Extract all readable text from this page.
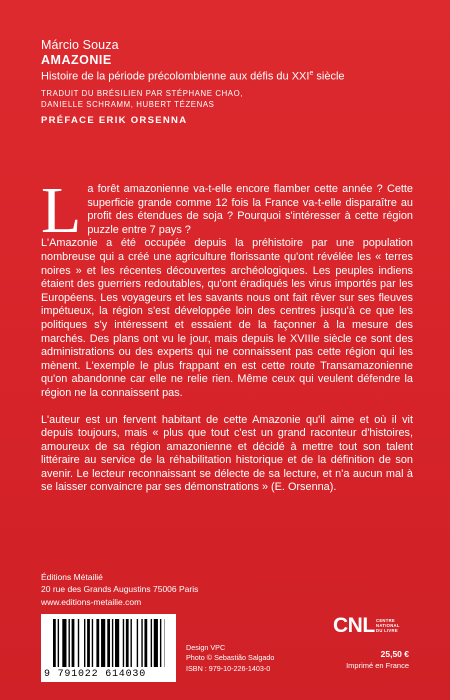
Márcio Souza
AMAZONIE
Histoire de la période précolombienne aux défis du XXIe siècle
TRADUIT DU BRÉSILIEN PAR STÉPHANE CHAO,
DANIELLE SCHRAMM, HUBERT TÉZENAS
PRÉFACE ERIK ORSENNA
L a forêt amazonienne va-t-elle encore flamber cette année ? Cette superficie grande comme 12 fois la France va-t-elle disparaître au profit des étendues de soja ? Pourquoi s'intéresser à cette région puzzle entre 7 pays ?

L'Amazonie a été occupée depuis la préhistoire par une population nombreuse qui a créé une agriculture florissante qu'ont révélée les « terres noires » et les récentes découvertes archéologiques. Les peuples indiens étaient des guerriers redoutables, qu'ont éradiqués les virus importés par les Européens. Les voyageurs et les savants nous ont fait rêver sur ses fleuves impétueux, la région s'est développée loin des centres jusqu'à ce que les politiques s'y intéressent et essaient de la façonner à la mesure des marchés. Des plans ont vu le jour, mais depuis le XVIIIe siècle ce sont des administrations ou des experts qui ne connaissent pas cette région qui les mènent. L'exemple le plus frappant en est cette route Transamazonienne qu'on abandonne car elle ne relie rien. Même ceux qui veulent défendre la région ne la connaissent pas.

L'auteur est un fervent habitant de cette Amazonie qu'il aime et où il vit depuis toujours, mais « plus que tout c'est un grand raconteur d'histoires, amoureux de sa région amazonienne et décidé à mettre tout son talent littéraire au service de la réhabilitation historique et de la définition de son avenir. Le lecteur reconnaissant se délecte de sa lecture, et n'a aucun mal à se laisser convaincre par ses démonstrations » (E. Orsenna).

Éditions Métailié
20 rue des Grands Augustins 75006 Paris
www.editions-metailie.com
9 791022 614030
Design VPC
Photo © Sebastião Salgado
ISBN : 979-10-226-1403-0
CNL CENTRE
NATIONAL
DU LIVRE
25,50 €
Imprimé en France
